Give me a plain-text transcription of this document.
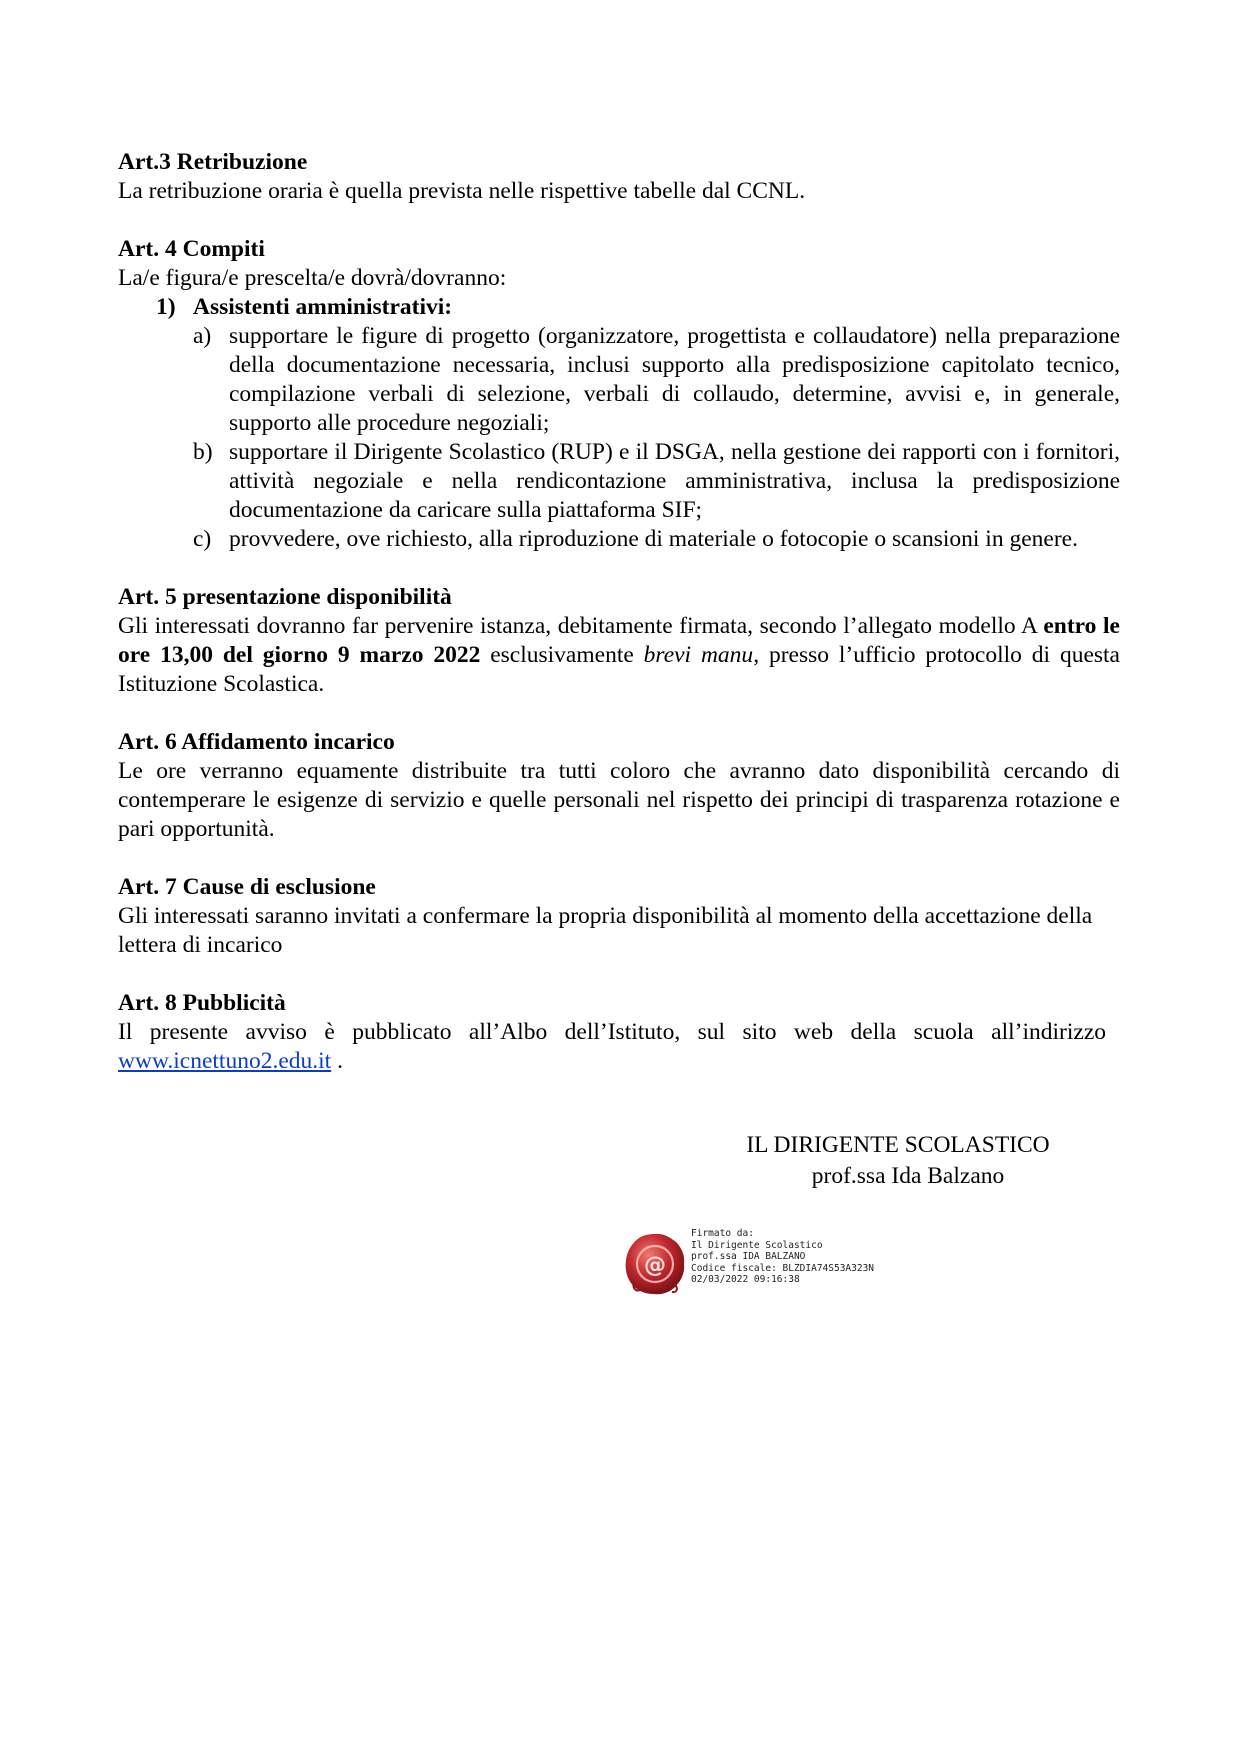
Art.3 Retribuzione
La retribuzione oraria è quella prevista nelle rispettive tabelle dal CCNL.
Art. 4 Compiti
La/e figura/e prescelta/e dovrà/dovranno:
1) Assistenti amministrativi:
a) supportare le figure di progetto (organizzatore, progettista e collaudatore) nella preparazione della documentazione necessaria, inclusi supporto alla predisposizione capitolato tecnico, compilazione verbali di selezione, verbali di collaudo, determine, avvisi e, in generale, supporto alle procedure negoziali;
b) supportare il Dirigente Scolastico (RUP) e il DSGA, nella gestione dei rapporti con i fornitori, attività negoziale e nella rendicontazione amministrativa, inclusa la predisposizione documentazione da caricare sulla piattaforma SIF;
c) provvedere, ove richiesto, alla riproduzione di materiale o fotocopie o scansioni in genere.
Art. 5 presentazione disponibilità
Gli interessati dovranno far pervenire istanza, debitamente firmata, secondo l’allegato modello A entro le ore 13,00 del giorno 9 marzo 2022 esclusivamente brevi manu, presso l’ufficio protocollo di questa Istituzione Scolastica.
Art. 6 Affidamento incarico
Le ore verranno equamente distribuite tra tutti coloro che avranno dato disponibilità cercando di contemperare le esigenze di servizio e quelle personali nel rispetto dei principi di trasparenza rotazione e pari opportunità.
Art. 7 Cause di esclusione
Gli interessati saranno invitati a confermare la propria disponibilità al momento della accettazione della lettera di incarico
Art. 8 Pubblicità
Il presente avviso è pubblicato all’Albo dell’Istituto, sul sito web della scuola all’indirizzo www.icnettuno2.edu.it .
IL DIRIGENTE SCOLASTICO
prof.ssa Ida Balzano
@
Firmato da:
Il Dirigente Scolastico
prof.ssa IDA BALZANO
Codice fiscale: BLZDIA74S53A323N
02/03/2022 09:16:38
